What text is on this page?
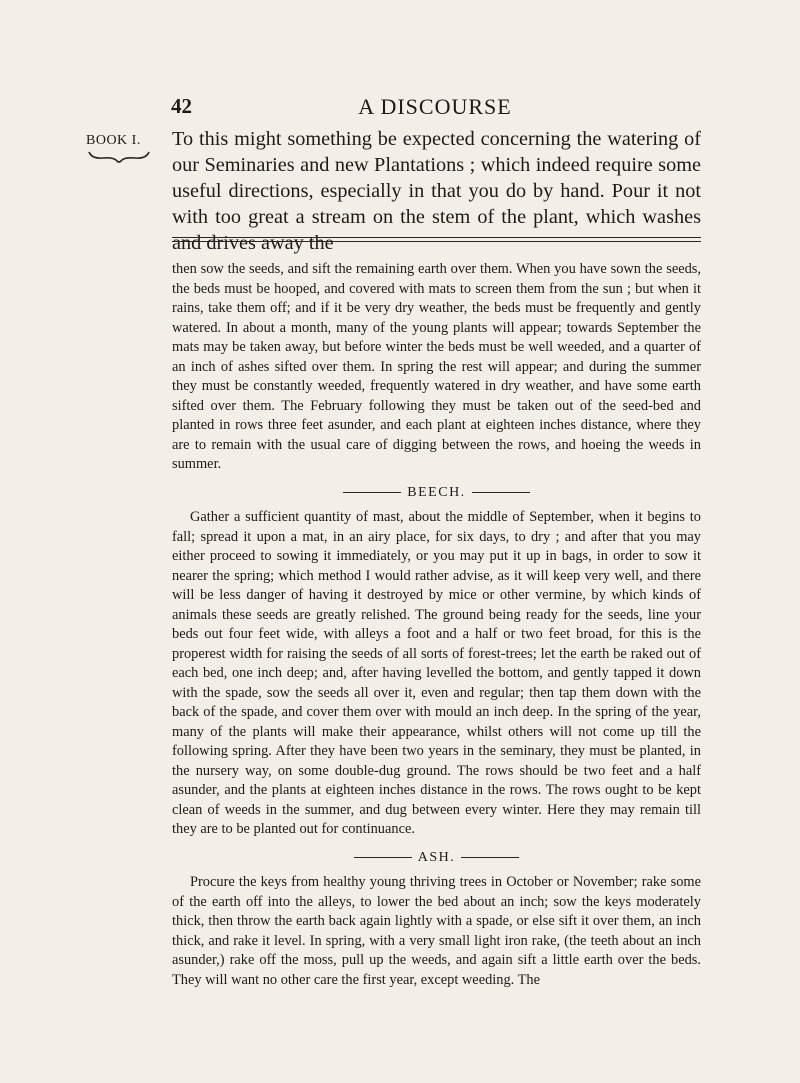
42	A DISCOURSE
BOOK I. To this might something be expected concerning the watering of our Seminaries and new Plantations ; which indeed require some useful directions, especially in that you do by hand. Pour it not with too great a stream on the stem of the plant, which washes and drives away the

then sow the seeds, and sift the remaining earth over them. When you have sown the seeds, the beds must be hooped, and covered with mats to screen them from the sun ; but when it rains, take them off; and if it be very dry weather, the beds must be frequently and gently watered. In about a month, many of the young plants will appear; towards September the mats may be taken away, but before winter the beds must be well weeded, and a quarter of an inch of ashes sifted over them. In spring the rest will appear; and during the summer they must be constantly weeded, frequently watered in dry weather, and have some earth sifted over them. The February following they must be taken out of the seed-bed and planted in rows three feet asunder, and each plant at eighteen inches distance, where they are to remain with the usual care of digging between the rows, and hoeing the weeds in summer.

BEECH.

Gather a sufficient quantity of mast, about the middle of September, when it begins to fall; spread it upon a mat, in an airy place, for six days, to dry ; and after that you may either proceed to sowing it immediately, or you may put it up in bags, in order to sow it nearer the spring; which method I would rather advise, as it will keep very well, and there will be less danger of having it destroyed by mice or other vermine, by which kinds of animals these seeds are greatly relished. The ground being ready for the seeds, line your beds out four feet wide, with alleys a foot and a half or two feet broad, for this is the properest width for raising the seeds of all sorts of forest-trees; let the earth be raked out of each bed, one inch deep; and, after having levelled the bottom, and gently tapped it down with the spade, sow the seeds all over it, even and regular; then tap them down with the back of the spade, and cover them over with mould an inch deep. In the spring of the year, many of the plants will make their appearance, whilst others will not come up till the following spring. After they have been two years in the seminary, they must be planted, in the nursery way, on some double-dug ground. The rows should be two feet and a half asunder, and the plants at eighteen inches distance in the rows. The rows ought to be kept clean of weeds in the summer, and dug between every winter. Here they may remain till they are to be planted out for continuance.

ASH.

Procure the keys from healthy young thriving trees in October or November; rake some of the earth off into the alleys, to lower the bed about an inch; sow the keys moderately thick, then throw the earth back again lightly with a spade, or else sift it over them, an inch thick, and rake it level. In spring, with a very small light iron rake, (the teeth about an inch asunder,) rake off the moss, pull up the weeds, and again sift a little earth over the beds. They will want no other care the first year, except weeding. The
